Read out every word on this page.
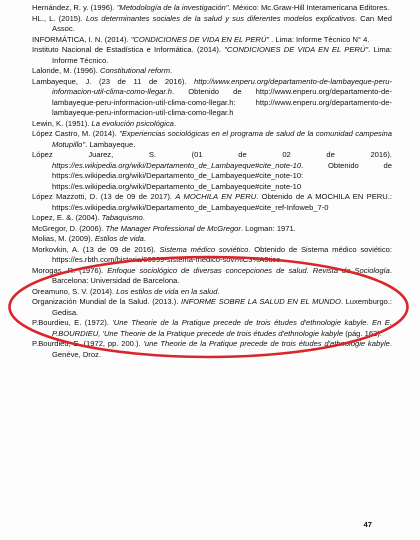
Hernández, R. y. (1996). "Metodología de la investigación". México: Mc.Graw-Hill Interamericana Editores.

HL., L. (2015). Los determinantes sociales de la salud y sus diferentes modelos explicativos. Can Med Assoc.

INFORMÁTICA, I. N. (2014). "CONDICIONES DE VIDA EN EL PERÚ" . Lima: Informe Técnico N° 4.

Instituto Nacional de Estadística e Informática. (2014). "CONDICIONES DE VIDA EN EL PERÚ". Lima: Informe Técnico.

Lalonde, M. (1996). Constitutional reform.

Lambayeque, J. (23 de 11 de 2016). http://www.enperu.org/departamento-de-lambayeque-peru-informacion-util-clima-como-llegar.h. Obtenido de http://www.enperu.org/departamento-de-lambayeque-peru-informacion-util-clima-como-llegar.h: http://www.enperu.org/departamento-de-lambayeque-peru-informacion-util-clima-como-llegar.h

Lewin, K. (1951). La evolución psicológica.

López Castro, M. (2014). "Experiencias sociológicas en el programa de salud de la comunidad campesina Motupillo". Lambayeque.

López Juarez, S. (01 de 02 de 2016). https://es.wikipedia.org/wiki/Departamento_de_Lambayeque#cite_note-10. Obtenido de https://es.wikipedia.org/wiki/Departamento_de_Lambayeque#cite_note-10: https://es.wikipedia.org/wiki/Departamento_de_Lambayeque#cite_note-10

López Mazzotti, D. (13 de 09 de 2017). A MOCHILA EN PERU. Obtenido de A MOCHILA EN PERU.: https://es.wikipedia.org/wiki/Departamento_de_Lambayeque#cite_ref-Infoweb_7-0

Lopez, E. &. (2004). Tabaquismo.

McGregor, D. (2006). The Manager Professional de McGregor. Logman: 1971.

Molias, M. (2009). Estilos de vida.

Morkovkin, A. (13 de 09 de 2016). Sistema médico soviético. Obtenido de Sistema médico soviético: https://es.rbth.com/historia/60999-sistema-medico-sovi%C3%A9tico

Morogas, R. (1976). Enfoque sociológico de diversas concepciones de salud. Revista de Sociología. Barcelona: Universidad de Barcelona.

Oreamuno, S. V. (2014). Los estilos de vida en la salud.

Organización Mundial de la Salud. (2013.). INFORME SOBRE LA SALUD EN EL MUNDO. Luxemburgo.: Gedisa.

P.Bourdieu, E. (1972). 'Une Theorie de la Pratique precede de trois études d'ethnologie kabyle. En E. P.BOURDIEU, 'Une Theorie de la Pratique precede de trois études d'ethnologie kabyle (pág. 162).

P.Bourdieu, E. (1972, pp. 200.). 'une Theorie de la Pratique precede de trois études d'ethnologie kabyle. Genéve, Droz.

47
